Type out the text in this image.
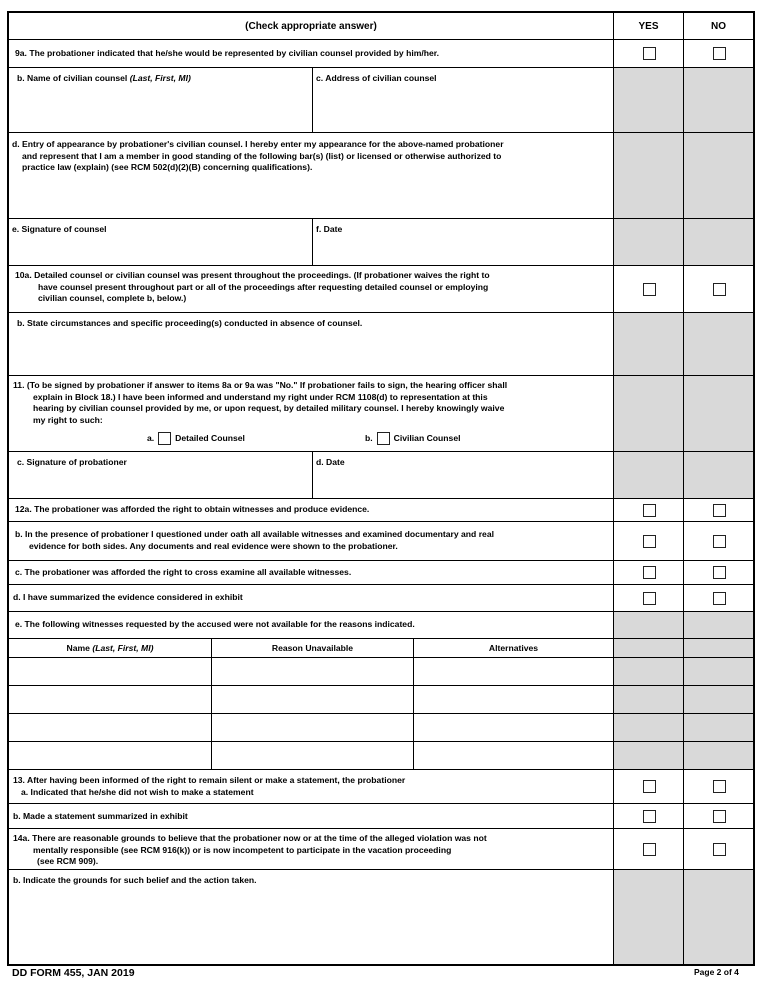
(Check appropriate answer)	YES	NO
9a. The probationer indicated that he/she would be represented by civilian counsel provided by him/her.
b. Name of civilian counsel (Last, First, MI)	c. Address of civilian counsel
d. Entry of appearance by probationer's civilian counsel. I hereby enter my appearance for the above-named probationer
and represent that I am a member in good standing of the following bar(s) (list) or licensed or otherwise authorized to
practice law (explain) (see RCM 502(d)(2)(B) concerning qualifications).
e. Signature of counsel	f. Date
10a. Detailed counsel or civilian counsel was present throughout the proceedings. (If probationer waives the right to
have counsel present throughout part or all of the proceedings after requesting detailed counsel or employing
civilian counsel, complete b, below.)
b. State circumstances and specific proceeding(s) conducted in absence of counsel.
11. (To be signed by probationer if answer to items 8a or 9a was "No." If probationer fails to sign, the hearing officer shall
explain in Block 18.) I have been informed and understand my right under RCM 1108(d) to representation at this
hearing by civilian counsel provided by me, or upon request, by detailed military counsel. I hereby knowingly waive
my right to such:
a. Detailed Counsel	b. Civilian Counsel
c. Signature of probationer	d. Date
12a. The probationer was afforded the right to obtain witnesses and produce evidence.
b. In the presence of probationer I questioned under oath all available witnesses and examined documentary and real
evidence for both sides. Any documents and real evidence were shown to the probationer.
c. The probationer was afforded the right to cross examine all available witnesses.
d. I have summarized the evidence considered in exhibit
e. The following witnesses requested by the accused were not available for the reasons indicated.
Name
(Last, First, MI)	Reason Unavailable	Alternatives
13. After having been informed of the right to remain silent or make a statement, the probationer
a. Indicated that he/she did not wish to make a statement
b. Made a statement summarized in exhibit
14a. There are reasonable grounds to believe that the probationer now or at the time of the alleged violation was not
mentally responsible (see RCM 916(k)) or is now incompetent to participate in the vacation proceeding
(see RCM 909).
b. Indicate the grounds for such belief and the action taken.
DD FORM 455, JAN 2019	Page 2 of 4
